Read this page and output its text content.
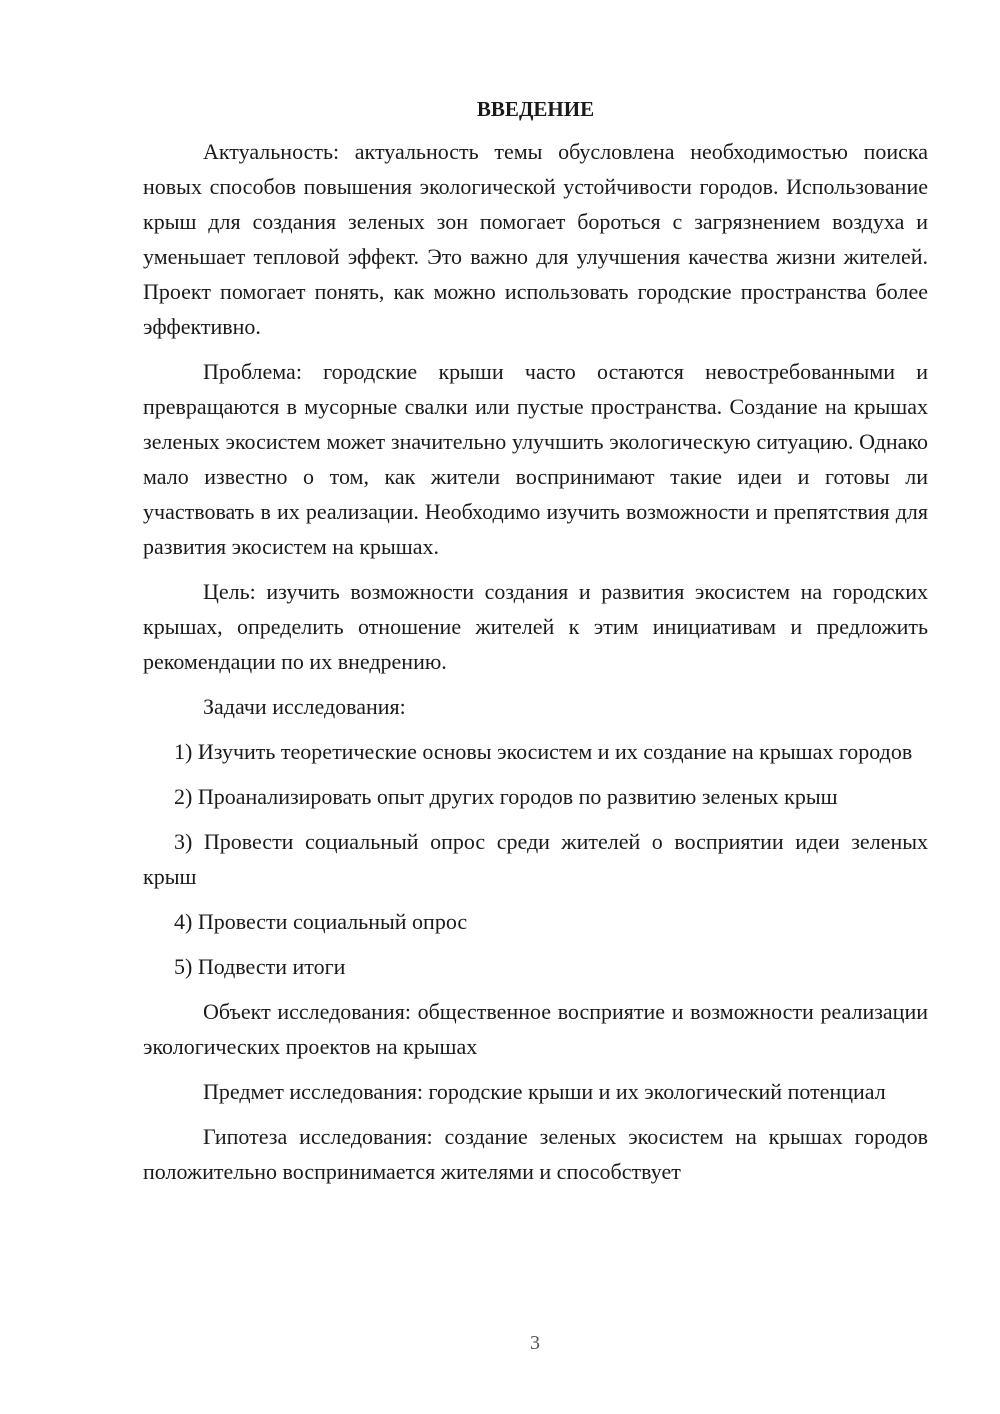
ВВЕДЕНИЕ

Актуальность: актуальность темы обусловлена необходимостью поиска новых способов повышения экологической устойчивости городов. Использование крыш для создания зеленых зон помогает бороться с загрязнением воздуха и уменьшает тепловой эффект. Это важно для улучшения качества жизни жителей. Проект помогает понять, как можно использовать городские пространства более эффективно.

Проблема: городские крыши часто остаются невостребованными и превращаются в мусорные свалки или пустые пространства. Создание на крышах зеленых экосистем может значительно улучшить экологическую ситуацию. Однако мало известно о том, как жители воспринимают такие идеи и готовы ли участвовать в их реализации. Необходимо изучить возможности и препятствия для развития экосистем на крышах.

Цель: изучить возможности создания и развития экосистем на городских крышах, определить отношение жителей к этим инициативам и предложить рекомендации по их внедрению.

Задачи исследования:

1) Изучить теоретические основы экосистем и их создание на крышах городов

2) Проанализировать опыт других городов по развитию зеленых крыш

3) Провести социальный опрос среди жителей о восприятии идеи зеленых крыш

4) Провести социальный опрос

5) Подвести итоги

Объект исследования: общественное восприятие и возможности реализации экологических проектов на крышах

Предмет исследования: городские крыши и их экологический потенциал

Гипотеза исследования: создание зеленых экосистем на крышах городов положительно воспринимается жителями и способствует

3
